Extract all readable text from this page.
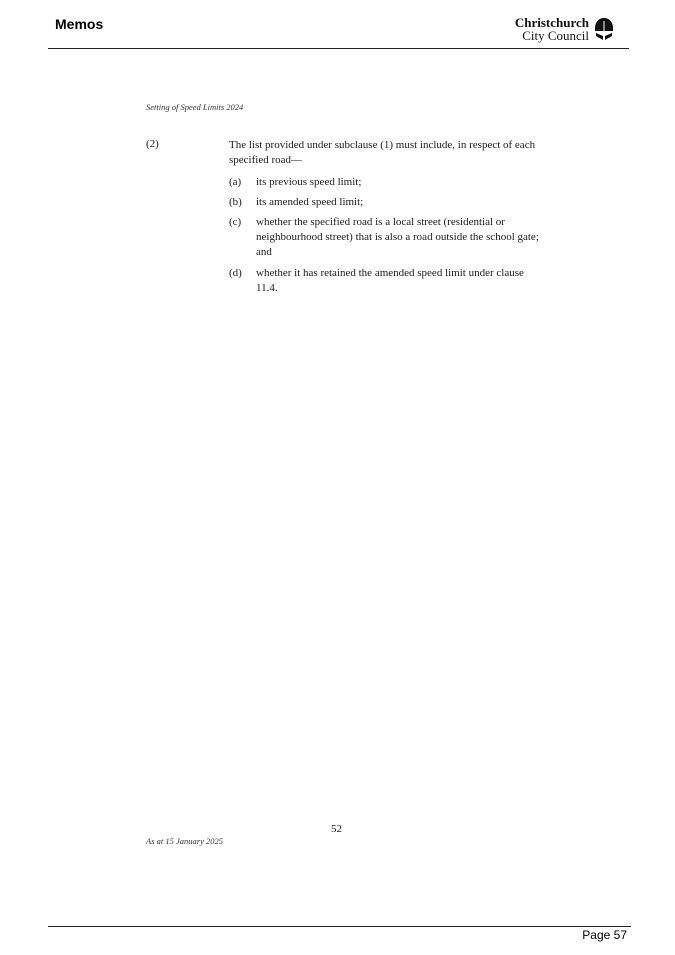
Memos	Christchurch
City Council
Setting of Speed Limits 2024
(2)	The list provided under subclause (1) must include, in respect of each specified road—
(a) its previous speed limit;
(b) its amended speed limit;
(c) whether the specified road is a local street (residential or neighbourhood street) that is also a road outside the school gate; and
(d) whether it has retained the amended speed limit under clause 11.4.
52
As at 15 January 2025
Page 57
